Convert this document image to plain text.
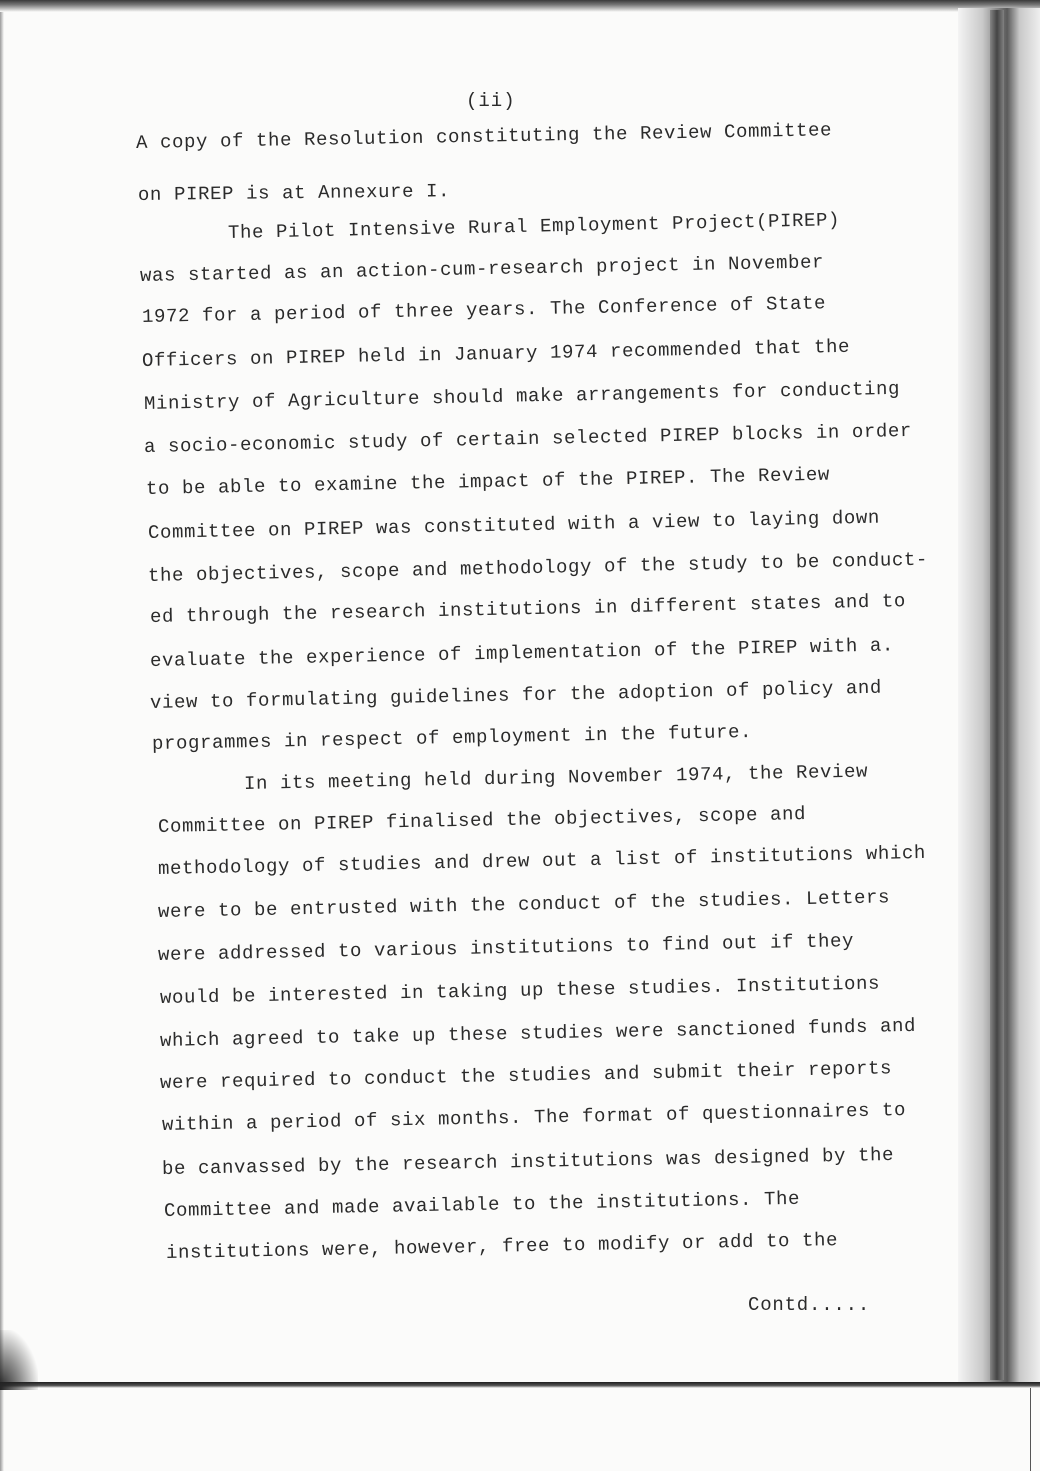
(ii)
A copy of the Resolution constituting the Review Committee
on PIREP is at Annexure I.
The Pilot Intensive Rural Employment Project(PIREP)
was started as an action-cum-research project in November
1972 for a period of three years. The Conference of State
Officers on PIREP held in January 1974 recommended that the
Ministry of Agriculture should make arrangements for conducting
a socio-economic study of certain selected PIREP blocks in order
to be able to examine the impact of the PIREP. The Review
Committee on PIREP was constituted with a view to laying down
the objectives, scope and methodology of the study to be conduct-
ed through the research institutions in different states and to
evaluate the experience of implementation of the PIREP with a.
view to formulating guidelines for the adoption of policy and
programmes in respect of employment in the future.
In its meeting held during November 1974, the Review
Committee on PIREP finalised the objectives, scope and
methodology of studies and drew out a list of institutions which
were to be entrusted with the conduct of the studies. Letters
were addressed to various institutions to find out if they
would be interested in taking up these studies. Institutions
which agreed to take up these studies were sanctioned funds and
were required to conduct the studies and submit their reports
within a period of six months. The format of questionnaires to
be canvassed by the research institutions was designed by the
Committee and made available to the institutions. The
institutions were, however, free to modify or add to the
Contd.....
